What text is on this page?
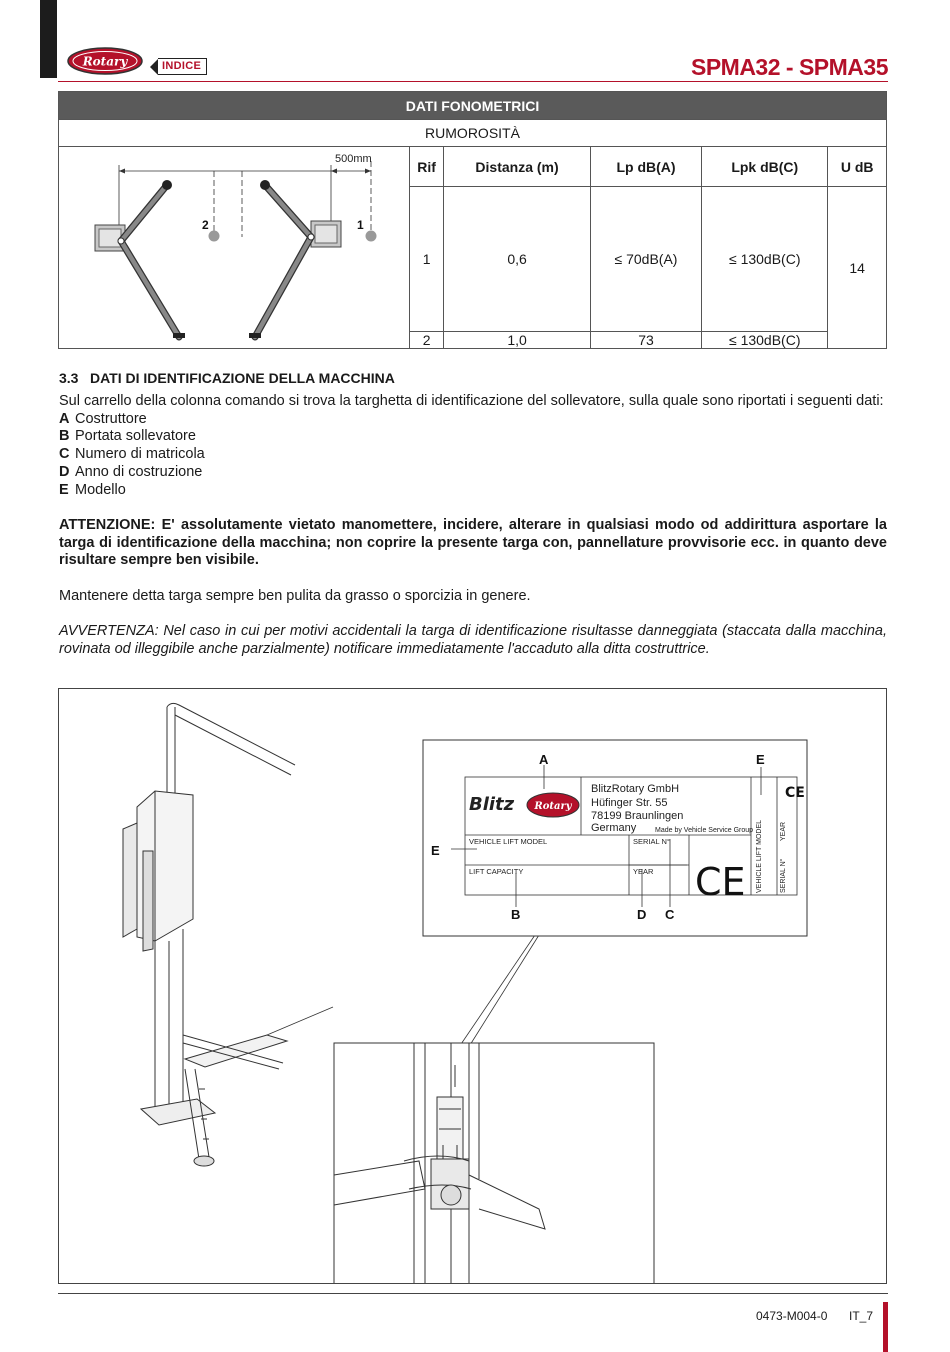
Rotary	INDICE	SPMA32 - SPMA35
DATI FONOMETRICI					
RUMOROSITÀ					

500mm
2 1	Rif	Distanza (m)	Lp dB(A)	Lpk dB(C)	U dB
	1	0,6	≤ 70dB(A)	≤ 130dB(C)	14
	2	1,0	73	≤ 130dB(C)	
3.3 DATI DI IDENTIFICAZIONE DELLA MACCHINA
Sul carrello della colonna comando si trova la targhetta di identificazione del sollevatore, sulla quale sono riportati i seguenti dati:
A Costruttore
B Portata sollevatore
C Numero di matricola
D Anno di costruzione
E Modello
ATTENZIONE: E' assolutamente vietato manomettere, incidere, alterare in qualsiasi modo od addirittura asportare la targa di identificazione della macchina; non coprire la presente targa con, pannellature provvisorie ecc. in quanto deve risultare sempre ben visibile.
Mantenere detta targa sempre ben pulita da grasso o sporcizia in genere.
AVVERTENZA: Nel caso in cui per motivi accidentali la targa di identificazione risultasse danneggiata (staccata dalla macchina, rovinata od illeggibile anche parzialmente) notificare immediatamente l'accaduto alla ditta costruttrice.
Rotary
Blitz
BlitzRotary GmbH
Hüfinger Str. 55
78199 Braunlingen
Germany	Made by Vehicle Service Group
VEHICLE LIFT MODEL	SERIAL N°
LIFT CAPACITY	YEAR CE VEHICLE LIFT MODEL YEAR
SERIAL N°
CE
A	E
E
B	D C
0473-M004-0 IT_7
